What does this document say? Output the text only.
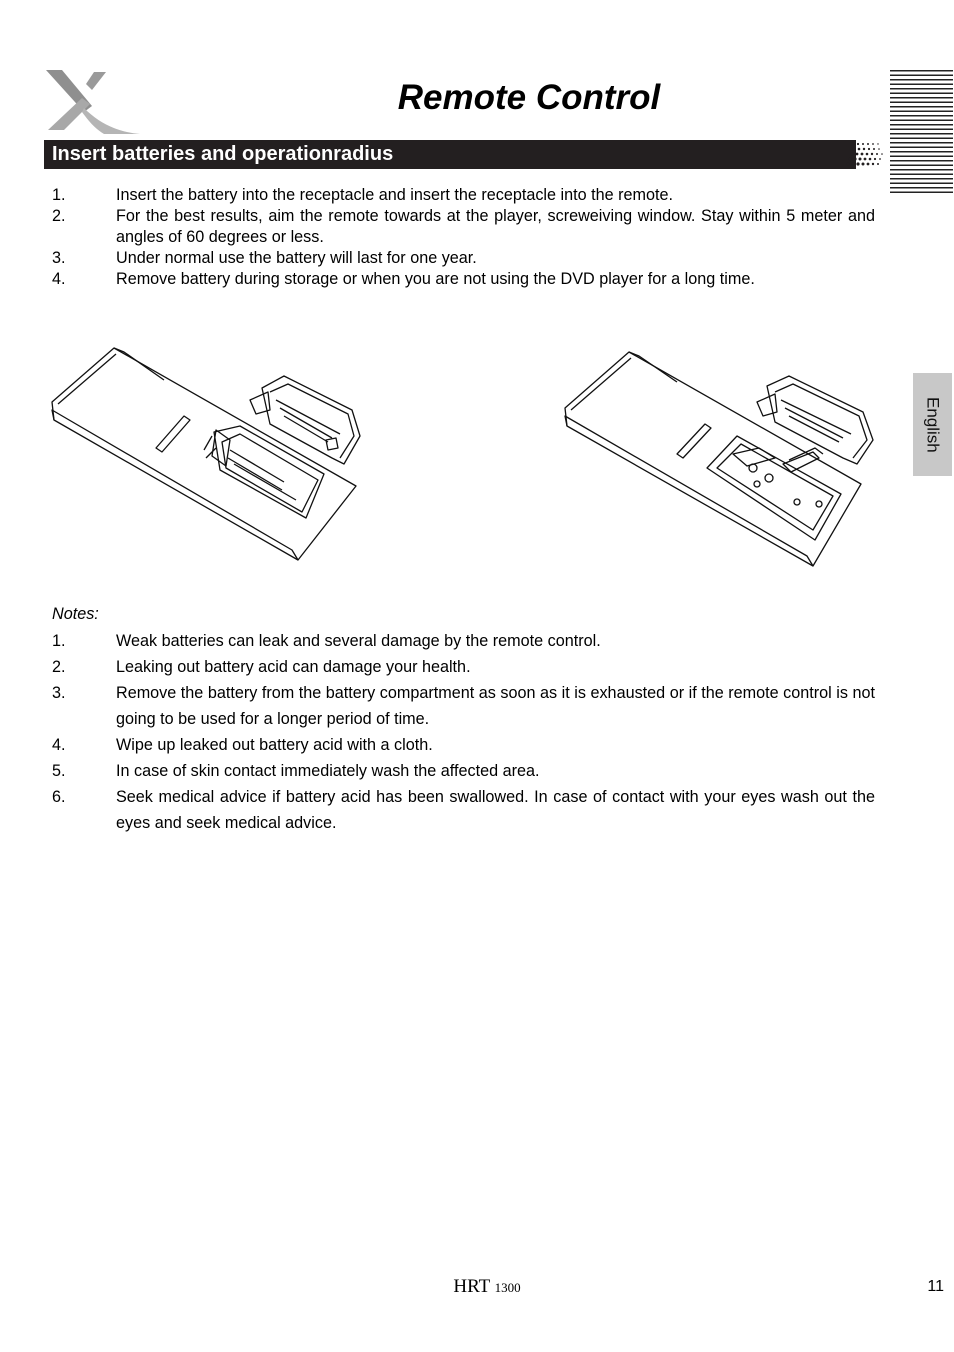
Remote Control
Insert batteries and operationradius
1.	Insert the battery into the receptacle and insert the receptacle into the remote.
2.	For the best results, aim the remote towards at the player, screweiving window. Stay within 5 meter and angles of 60 degrees or less.
3.	Under normal use the battery will last for one year.
4.	Remove battery during storage or when you are not using the DVD player for a long time.
Notes:
1.	Weak batteries can leak and several damage by the remote control.
2.	Leaking out battery acid can damage your health.
3.	Remove the battery from the battery compartment as soon as it is exhausted or if the remote control is not going to be used for a longer period of time.
4.	Wipe up leaked out battery acid with a cloth.
5.	In case of skin contact immediately wash the affected area.
6.	Seek medical advice if battery acid has been swallowed. In case of contact with your eyes wash out the eyes and seek medical advice.
English
HRT 1300	11
